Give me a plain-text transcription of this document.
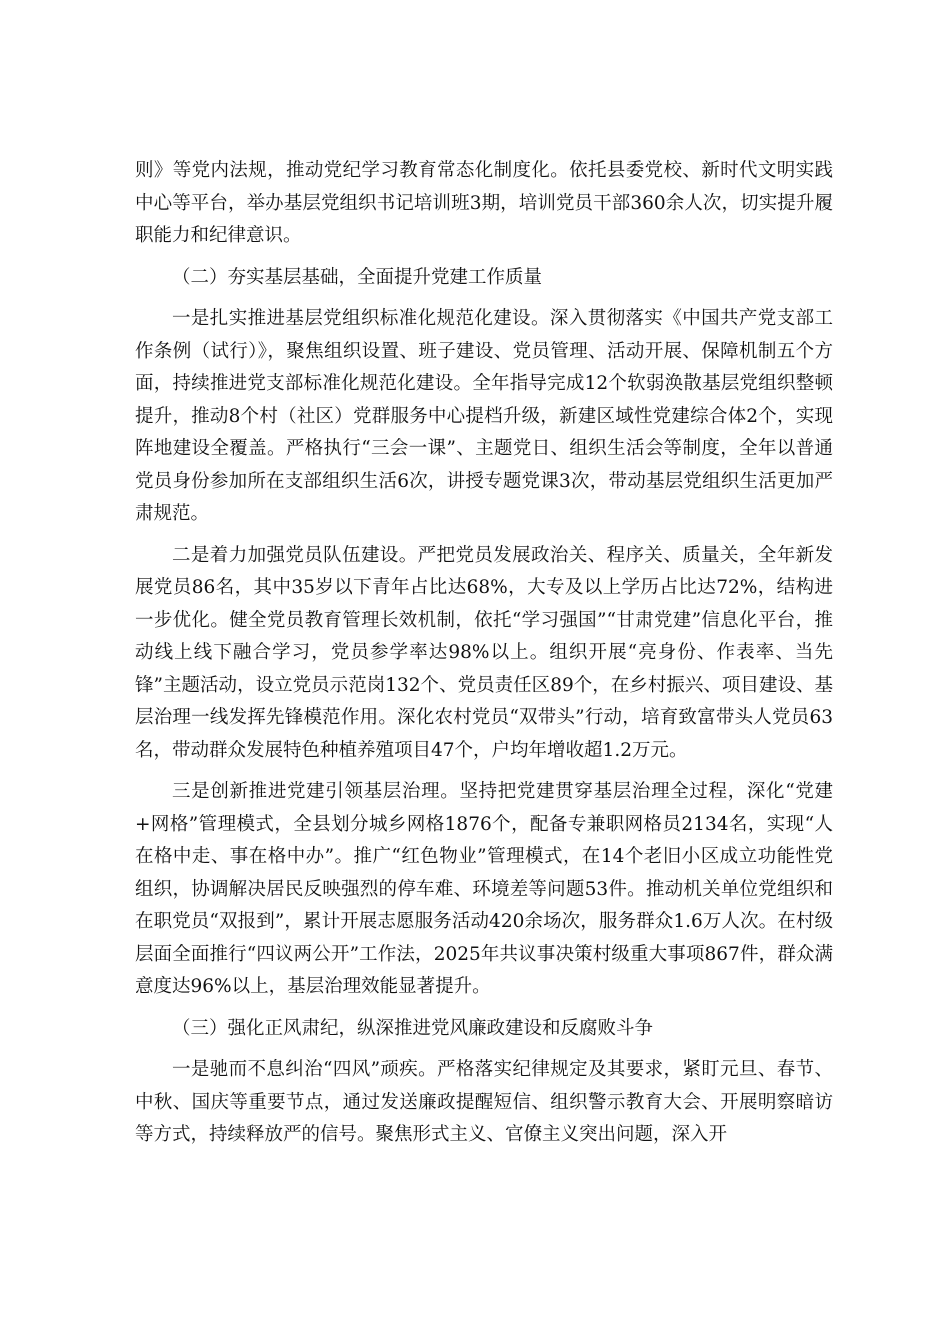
则》等党内法规，推动党纪学习教育常态化制度化。依托县委党校、新时代文明实践中心等平台，举办基层党组织书记培训班3期，培训党员干部360余人次，切实提升履职能力和纪律意识。

（二）夯实基层基础，全面提升党建工作质量

一是扎实推进基层党组织标准化规范化建设。深入贯彻落实《中国共产党支部工作条例（试行）》，聚焦组织设置、班子建设、党员管理、活动开展、保障机制五个方面，持续推进党支部标准化规范化建设。全年指导完成12个软弱涣散基层党组织整顿提升，推动8个村（社区）党群服务中心提档升级，新建区域性党建综合体2个，实现阵地建设全覆盖。严格执行“三会一课”、主题党日、组织生活会等制度，全年以普通党员身份参加所在支部组织生活6次，讲授专题党课3次，带动基层党组织生活更加严肃规范。

二是着力加强党员队伍建设。严把党员发展政治关、程序关、质量关，全年新发展党员86名，其中35岁以下青年占比达68%，大专及以上学历占比达72%，结构进一步优化。健全党员教育管理长效机制，依托“学习强国”“甘肃党建”信息化平台，推动线上线下融合学习，党员参学率达98%以上。组织开展“亮身份、作表率、当先锋”主题活动，设立党员示范岗132个、党员责任区89个，在乡村振兴、项目建设、基层治理一线发挥先锋模范作用。深化农村党员“双带头”行动，培育致富带头人党员63名，带动群众发展特色种植养殖项目47个，户均年增收超1.2万元。

三是创新推进党建引领基层治理。坚持把党建贯穿基层治理全过程，深化“党建+网格”管理模式，全县划分城乡网格1876个，配备专兼职网格员2134名，实现“人在格中走、事在格中办”。推广“红色物业”管理模式，在14个老旧小区成立功能性党组织，协调解决居民反映强烈的停车难、环境差等问题53件。推动机关单位党组织和在职党员“双报到”，累计开展志愿服务活动420余场次，服务群众1.6万人次。在村级层面全面推行“四议两公开”工作法，2025年共议事决策村级重大事项867件，群众满意度达96%以上，基层治理效能显著提升。

（三）强化正风肃纪，纵深推进党风廉政建设和反腐败斗争

一是驰而不息纠治“四风”顽疾。严格落实纪律规定及其要求，紧盯元旦、春节、中秋、国庆等重要节点，通过发送廉政提醒短信、组织警示教育大会、开展明察暗访等方式，持续释放严的信号。聚焦形式主义、官僚主义突出问题，深入开
